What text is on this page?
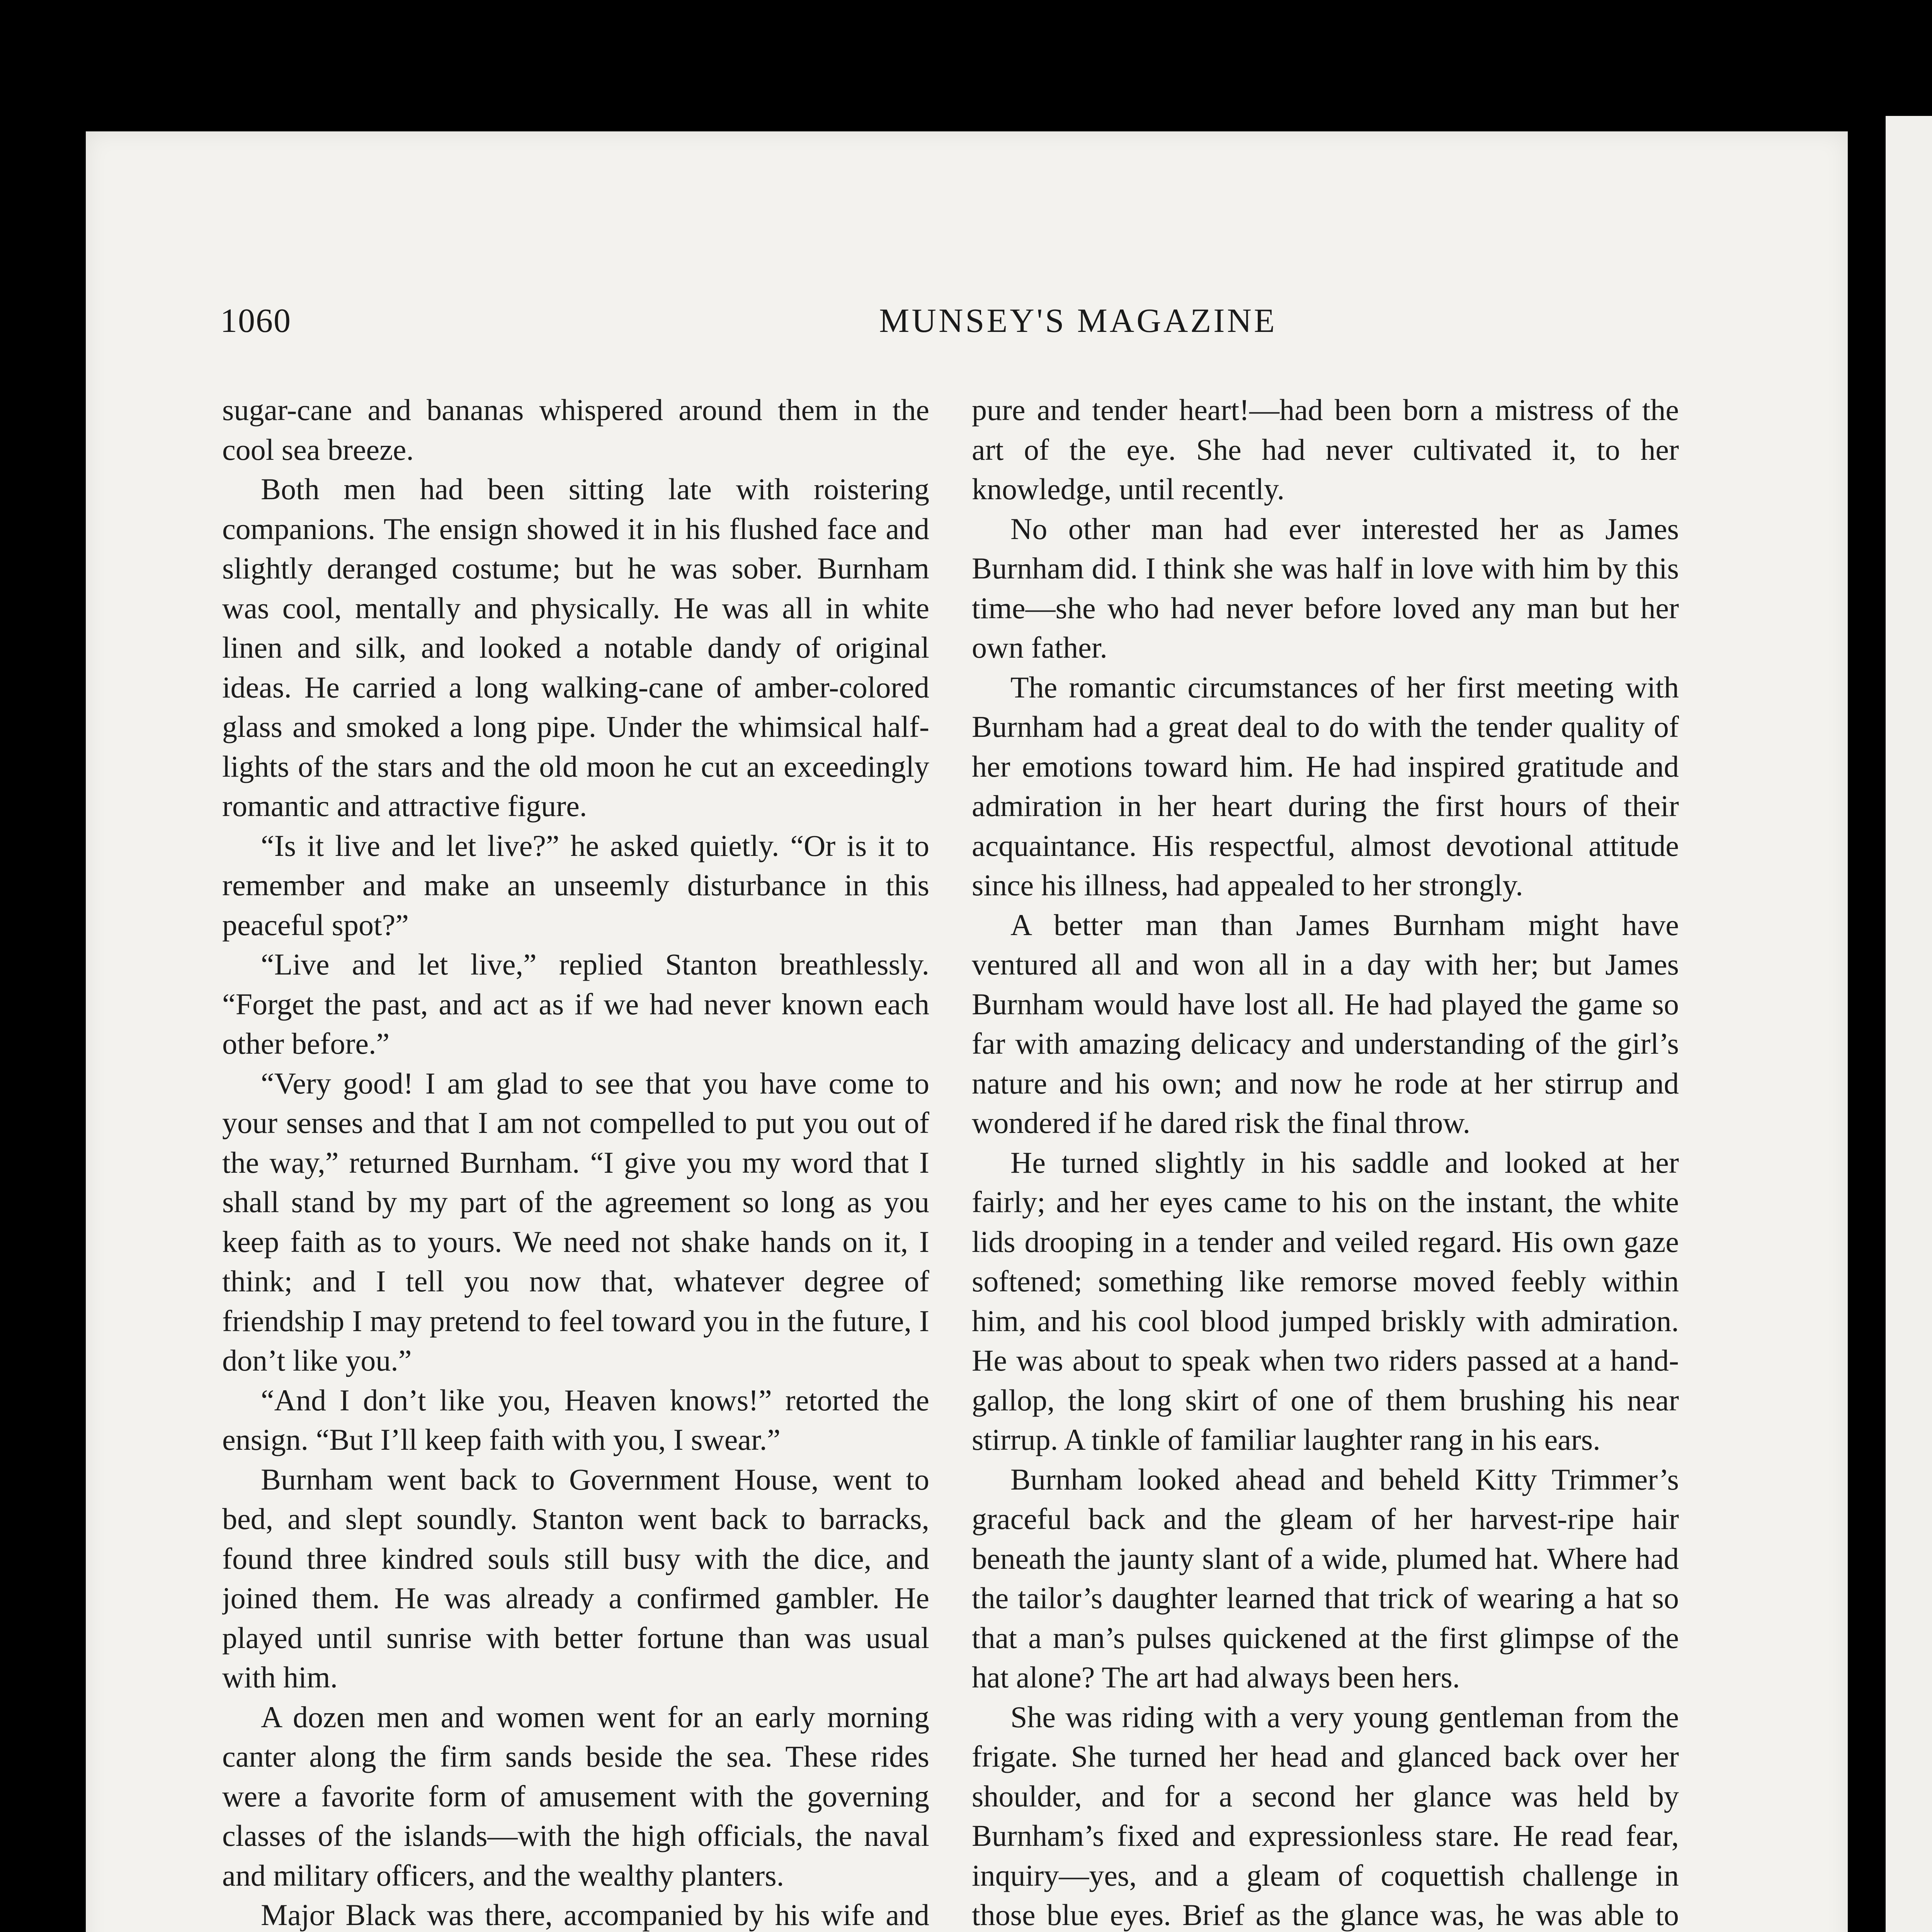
1060	MUNSEY'S MAGAZINE

sugar-cane and bananas whispered around them in the cool sea breeze.

Both men had been sitting late with roistering companions. The ensign showed it in his flushed face and slightly deranged costume; but he was sober. Burnham was cool, mentally and physically. He was all in white linen and silk, and looked a notable dandy of original ideas. He carried a long walking-cane of amber-colored glass and smoked a long pipe. Under the whimsical half-lights of the stars and the old moon he cut an exceedingly romantic and attractive figure.

“Is it live and let live?” he asked quietly. “Or is it to remember and make an unseemly disturbance in this peaceful spot?”

“Live and let live,” replied Stanton breathlessly. “Forget the past, and act as if we had never known each other before.”

“Very good! I am glad to see that you have come to your senses and that I am not compelled to put you out of the way,” returned Burnham. “I give you my word that I shall stand by my part of the agreement so long as you keep faith as to yours. We need not shake hands on it, I think; and I tell you now that, whatever degree of friendship I may pretend to feel toward you in the future, I don’t like you.”

“And I don’t like you, Heaven knows!” retorted the ensign. “But I’ll keep faith with you, I swear.”

Burnham went back to Government House, went to bed, and slept soundly. Stanton went back to barracks, found three kindred souls still busy with the dice, and joined them. He was already a confirmed gambler. He played until sunrise with better fortune than was usual with him.

A dozen men and women went for an early morning canter along the firm sands beside the sea. These rides were a favorite form of amusement with the governing classes of the islands—with the high officials, the naval and military officers, and the wealthy planters.

Major Black was there, accompanied by his wife and

pure and tender heart!—had been born a mistress of the art of the eye. She had never cultivated it, to her knowledge, until recently.

No other man had ever interested her as James Burnham did. I think she was half in love with him by this time—she who had never before loved any man but her own father.

The romantic circumstances of her first meeting with Burnham had a great deal to do with the tender quality of her emotions toward him. He had inspired gratitude and admiration in her heart during the first hours of their acquaintance. His respectful, almost devotional attitude since his illness, had appealed to her strongly.

A better man than James Burnham might have ventured all and won all in a day with her; but James Burnham would have lost all. He had played the game so far with amazing delicacy and understanding of the girl’s nature and his own; and now he rode at her stirrup and wondered if he dared risk the final throw.

He turned slightly in his saddle and looked at her fairly; and her eyes came to his on the instant, the white lids drooping in a tender and veiled regard. His own gaze softened; something like remorse moved feebly within him, and his cool blood jumped briskly with admiration. He was about to speak when two riders passed at a hand-gallop, the long skirt of one of them brushing his near stirrup. A tinkle of familiar laughter rang in his ears.

Burnham looked ahead and beheld Kitty Trimmer’s graceful back and the gleam of her harvest-ripe hair beneath the jaunty slant of a wide, plumed hat. Where had the tailor’s daughter learned that trick of wearing a hat so that a man’s pulses quickened at the first glimpse of the hat alone? The art had always been hers.

She was riding with a very young gentleman from the frigate. She turned her head and glanced back over her shoulder, and for a second her glance was held by Burnham’s fixed and expressionless stare. He read fear, inquiry—yes, and a gleam of coquettish challenge in those blue eyes. Brief as the glance was, he was able to
